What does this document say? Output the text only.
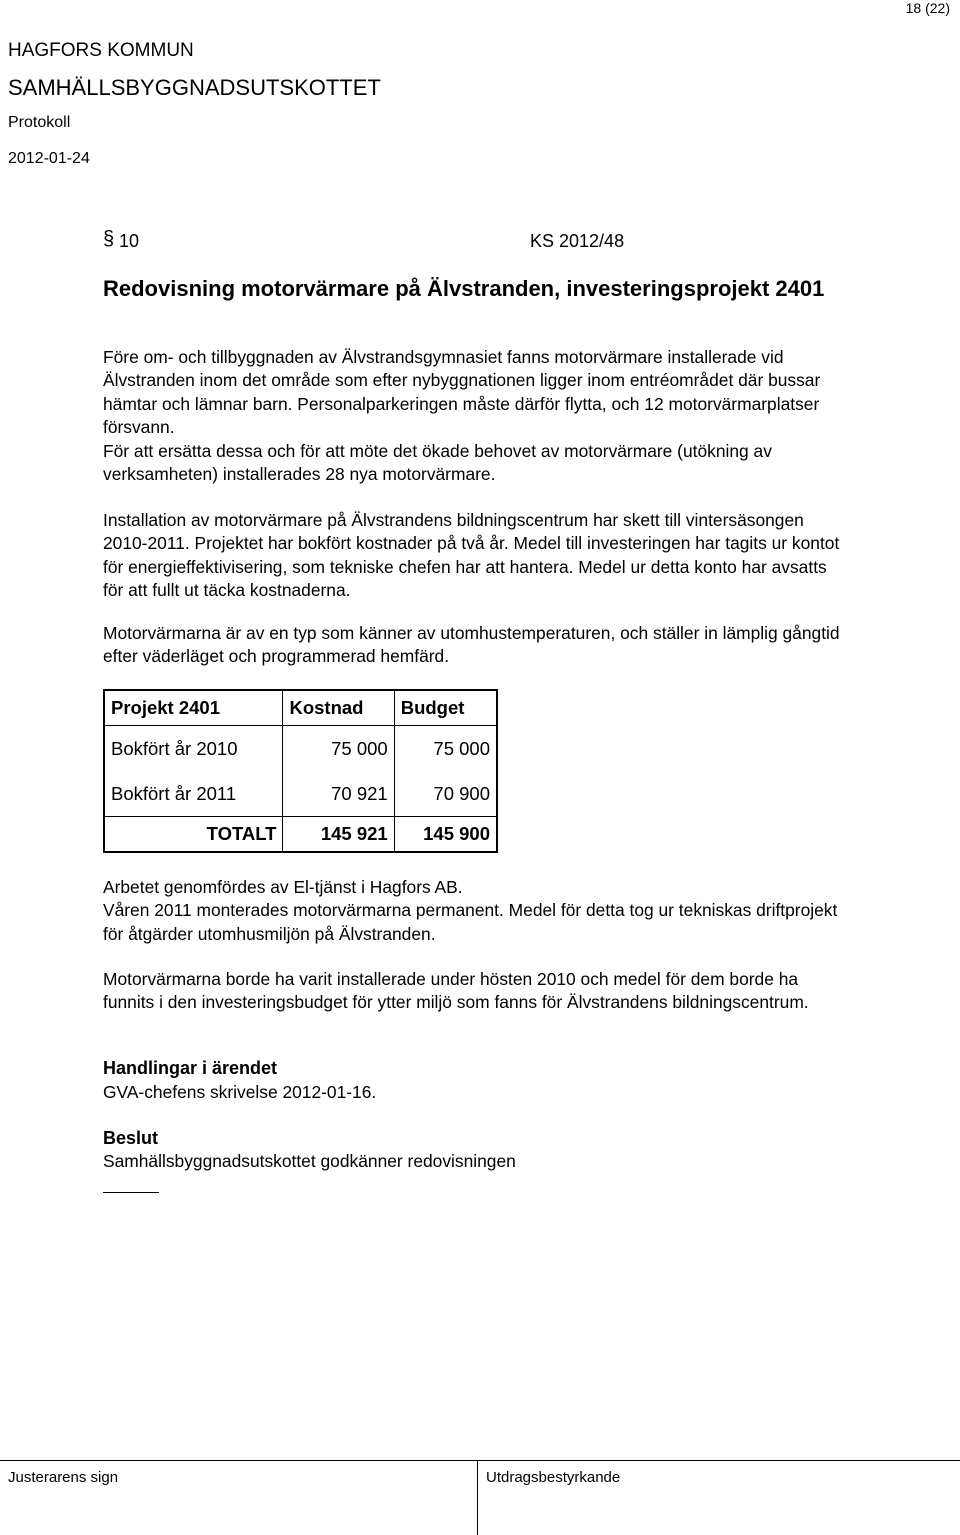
18 (22)
HAGFORS KOMMUN
SAMHÄLLSBYGGNADSUTSKOTTET
Protokoll
2012-01-24
§ 10	KS 2012/48
Redovisning motorvärmare på Älvstranden, investeringsprojekt 2401
Före om- och tillbyggnaden av Älvstrandsgymnasiet fanns motorvärmare installerade vid
Älvstranden inom det område som efter nybyggnationen ligger inom entréområdet där bussar
hämtar och lämnar barn. Personalparkeringen måste därför flytta, och 12 motorvärmarplatser
försvann.
För att ersätta dessa och för att möte det ökade behovet av motorvärmare (utökning av
verksamheten) installerades 28 nya motorvärmare.
Installation av motorvärmare på Älvstrandens bildningscentrum har skett till vintersäsongen
2010-2011. Projektet har bokfört kostnader på två år. Medel till investeringen har tagits ur kontot
för energieffektivisering, som tekniske chefen har att hantera. Medel ur detta konto har avsatts
för att fullt ut täcka kostnaderna.
Motorvärmarna är av en typ som känner av utomhustemperaturen, och ställer in lämplig gångtid
efter väderläget och programmerad hemfärd.
Projekt 2401	Kostnad	Budget
Bokfört år 2010	75 000	75 000
Bokfört år 2011	70 921	70 900
TOTALT	145 921	145 900
Arbetet genomfördes av El-tjänst i Hagfors AB.
Våren 2011 monterades motorvärmarna permanent. Medel för detta tog ur tekniskas driftprojekt
för åtgärder utomhusmiljön på Älvstranden.
Motorvärmarna borde ha varit installerade under hösten 2010 och medel för dem borde ha
funnits i den investeringsbudget för ytter miljö som fanns för Älvstrandens bildningscentrum.
Handlingar i ärendet
GVA-chefens skrivelse 2012-01-16.
Beslut
Samhällsbyggnadsutskottet godkänner redovisningen
Justerarens sign	Utdragsbestyrkande
